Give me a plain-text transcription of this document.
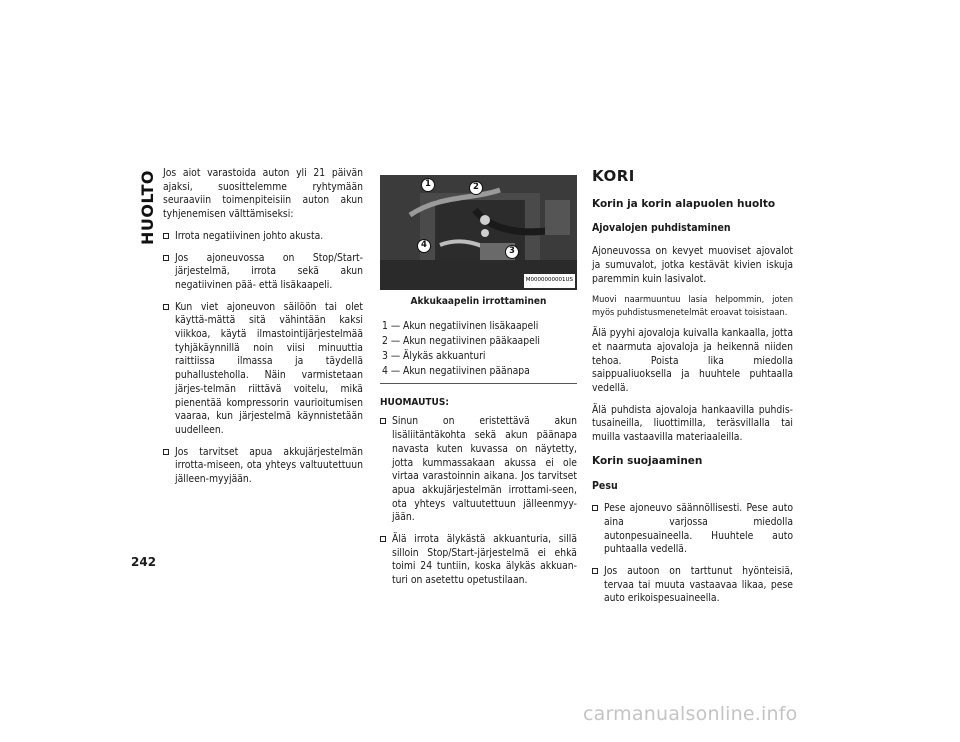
HUOLTO
242

Jos aiot varastoida auton yli 21 päivän ajaksi, suosittelemme ryhtymään seuraaviin toimenpiteisiin auton akun tyhjenemisen välttämiseksi:

Irrota negatiivinen johto akusta.
Jos ajoneuvossa on Stop/Start-järjestelmä, irrota sekä akun negatiivinen pää- että lisäkaapeli.
Kun viet ajoneuvon säilöön tai olet käyttä-mättä sitä vähintään kaksi viikkoa, käytä ilmastointijärjestelmää tyhjäkäynnillä noin viisi minuuttia raittiissa ilmassa ja täydellä puhallusteholla. Näin varmistetaan järjes-telmän riittävä voitelu, mikä pienentää kompressorin vaurioitumisen vaaraa, kun järjestelmä käynnistetään uudelleen.
Jos tarvitset apua akkujärjestelmän irrotta-miseen, ota yhteys valtuutettuun jälleen-myyjään.
1	2
3
4
M0000000001US
Akkukaapelin irrottaminen
1 — Akun negatiivinen lisäkaapeli
2 — Akun negatiivinen pääkaapeli
3 — Älykäs akkuanturi
4 — Akun negatiivinen päänapa
HUOMAUTUS:
Sinun on eristettävä akun lisäliitäntäkohta sekä akun päänapa navasta kuten kuvassa on näytetty, jotta kummassakaan akussa ei ole virtaa varastoinnin aikana. Jos tarvitset apua akkujärjestelmän irrottami-seen, ota yhteys valtuutettuun jälleenmyy-jään.
Älä irrota älykästä akkuanturia, sillä silloin Stop/Start-järjestelmä ei ehkä toimi 24 tuntiin, koska älykäs akkuan-turi on asetettu opetustilaan.
KORI
Korin ja korin alapuolen huolto
Ajovalojen puhdistaminen

Ajoneuvossa on kevyet muoviset ajovalot ja sumuvalot, jotka kestävät kivien iskuja paremmin kuin lasivalot.

Muovi naarmuuntuu lasia helpommin, joten myös puhdistusmenetelmät eroavat toisistaan.

Älä pyyhi ajovaloja kuivalla kankaalla, jotta et naarmuta ajovaloja ja heikennä niiden tehoa. Poista lika miedolla saippualiuoksella ja huuhtele puhtaalla vedellä.

Älä puhdista ajovaloja hankaavilla puhdis-tusaineilla, liuottimilla, teräsvillalla tai muilla vastaavilla materiaaleilla.

Korin suojaaminen
Pesu
Pese ajoneuvo säännöllisesti. Pese auto aina varjossa miedolla autonpesuaineella. Huuhtele auto puhtaalla vedellä.
Jos autoon on tarttunut hyönteisiä, tervaa tai muuta vastaavaa likaa, pese auto erikoispesuaineella.
carmanualsonline.info
